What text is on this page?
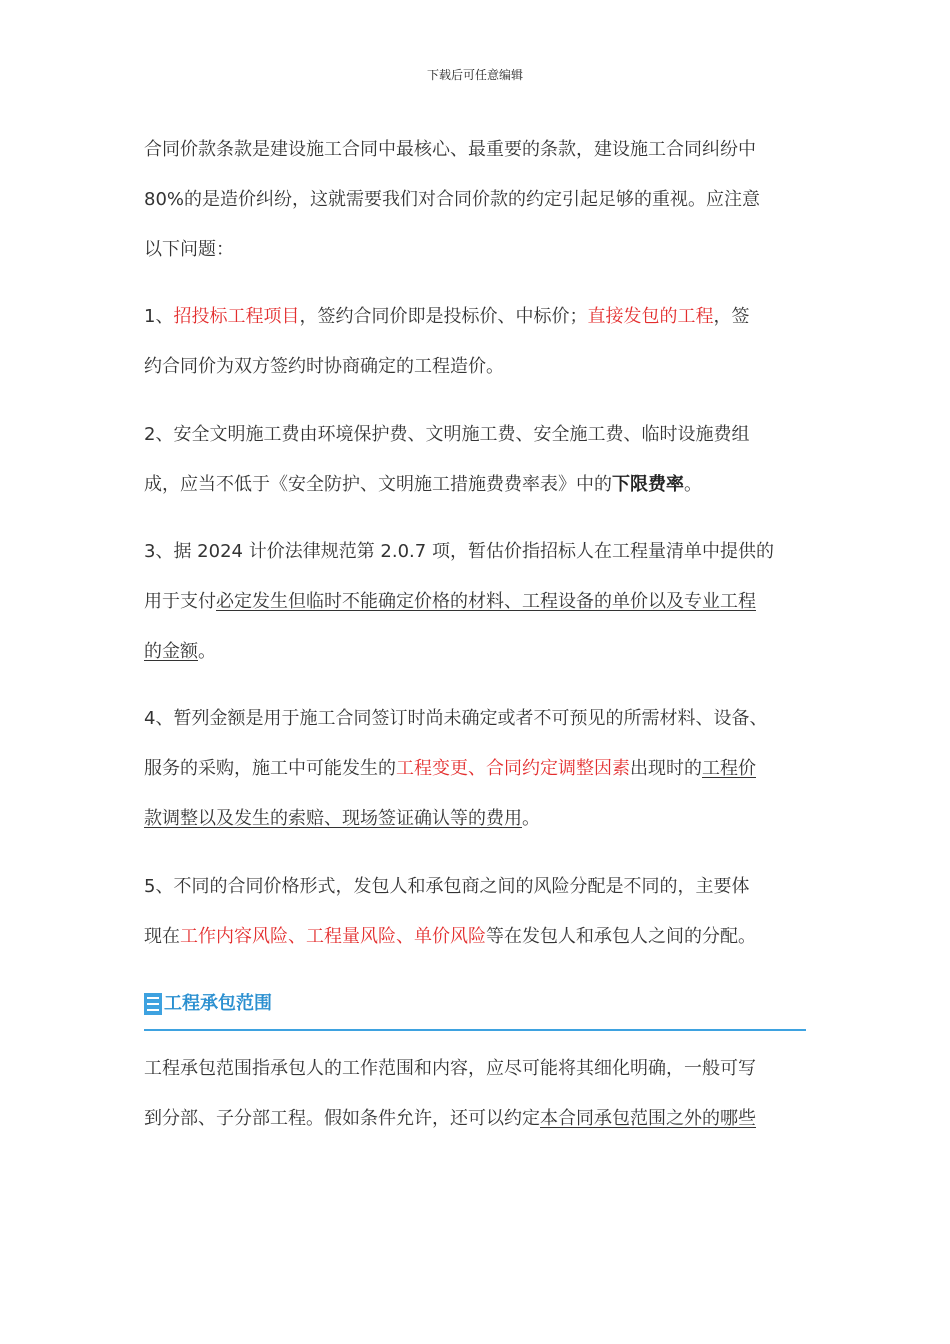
下载后可任意编辑

合同价款条款是建设施工合同中最核心、最重要的条款，建设施工合同纠纷中
80%的是造价纠纷，这就需要我们对合同价款的约定引起足够的重视。应注意
以下问题：

1、招投标工程项目，签约合同价即是投标价、中标价；直接发包的工程，签
约合同价为双方签约时协商确定的工程造价。

2、安全文明施工费由环境保护费、文明施工费、安全施工费、临时设施费组
成，应当不低于《安全防护、文明施工措施费费率表》中的下限费率。

3、据 2024 计价法律规范第 2.0.7 项，暂估价指招标人在工程量清单中提供的
用于支付必定发生但临时不能确定价格的材料、工程设备的单价以及专业工程
的金额。

4、暂列金额是用于施工合同签订时尚未确定或者不可预见的所需材料、设备、
服务的采购，施工中可能发生的工程变更、合同约定调整因素出现时的工程价
款调整以及发生的索赔、现场签证确认等的费用。

5、不同的合同价格形式，发包人和承包商之间的风险分配是不同的，主要体
现在工作内容风险、工程量风险、单价风险等在发包人和承包人之间的分配。

工程承包范围

工程承包范围指承包人的工作范围和内容，应尽可能将其细化明确，一般可写
到分部、子分部工程。假如条件允许，还可以约定本合同承包范围之外的哪些
